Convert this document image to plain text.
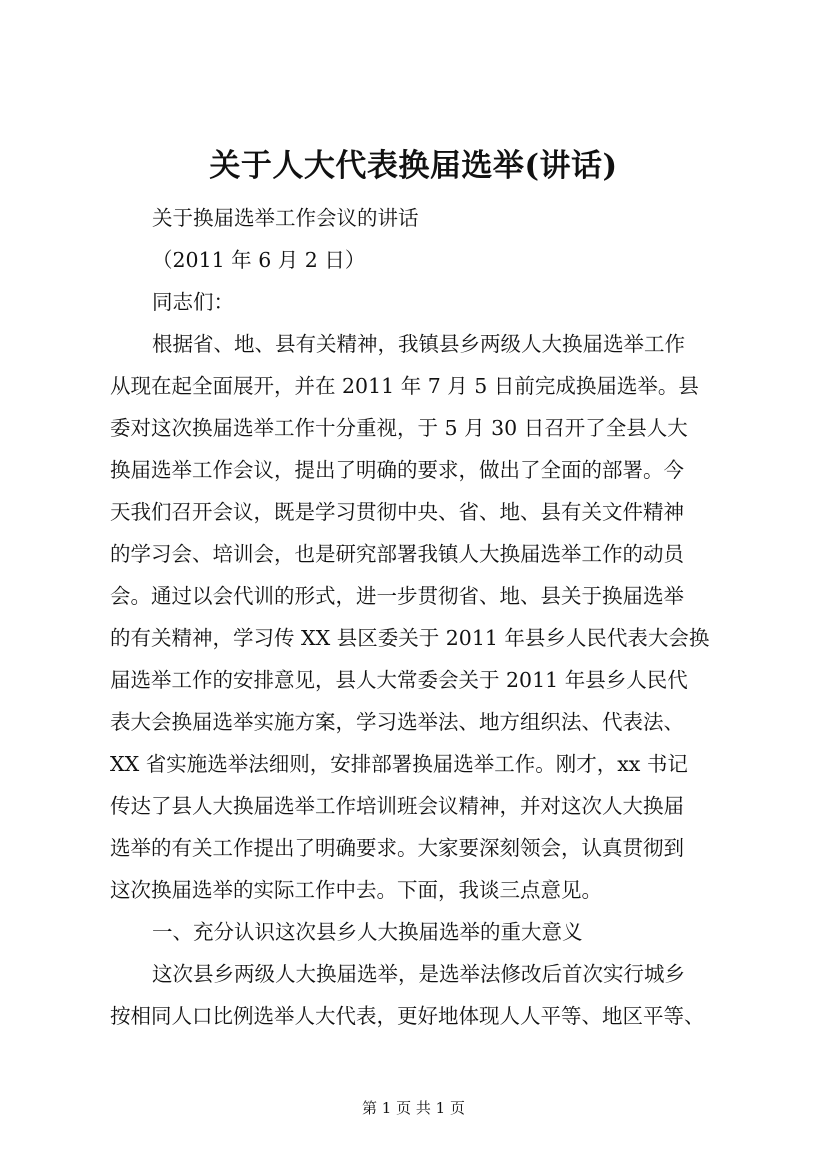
关于人大代表换届选举(讲话)
关于换届选举工作会议的讲话
（2011 年 6 月 2 日）
同志们：
根据省、地、县有关精神，我镇县乡两级人大换届选举工作
从现在起全面展开，并在 2011 年 7 月 5 日前完成换届选举。县
委对这次换届选举工作十分重视，于 5 月 30 日召开了全县人大
换届选举工作会议，提出了明确的要求，做出了全面的部署。今
天我们召开会议，既是学习贯彻中央、省、地、县有关文件精神
的学习会、培训会，也是研究部署我镇人大换届选举工作的动员
会。通过以会代训的形式，进一步贯彻省、地、县关于换届选举
的有关精神，学习传 XX 县区委关于 2011 年县乡人民代表大会换
届选举工作的安排意见，县人大常委会关于 2011 年县乡人民代
表大会换届选举实施方案，学习选举法、地方组织法、代表法、
XX 省实施选举法细则，安排部署换届选举工作。刚才，xx 书记
传达了县人大换届选举工作培训班会议精神，并对这次人大换届
选举的有关工作提出了明确要求。大家要深刻领会，认真贯彻到
这次换届选举的实际工作中去。下面，我谈三点意见。
一、充分认识这次县乡人大换届选举的重大意义
这次县乡两级人大换届选举，是选举法修改后首次实行城乡
按相同人口比例选举人大代表，更好地体现人人平等、地区平等、
第 1 页 共 1 页
